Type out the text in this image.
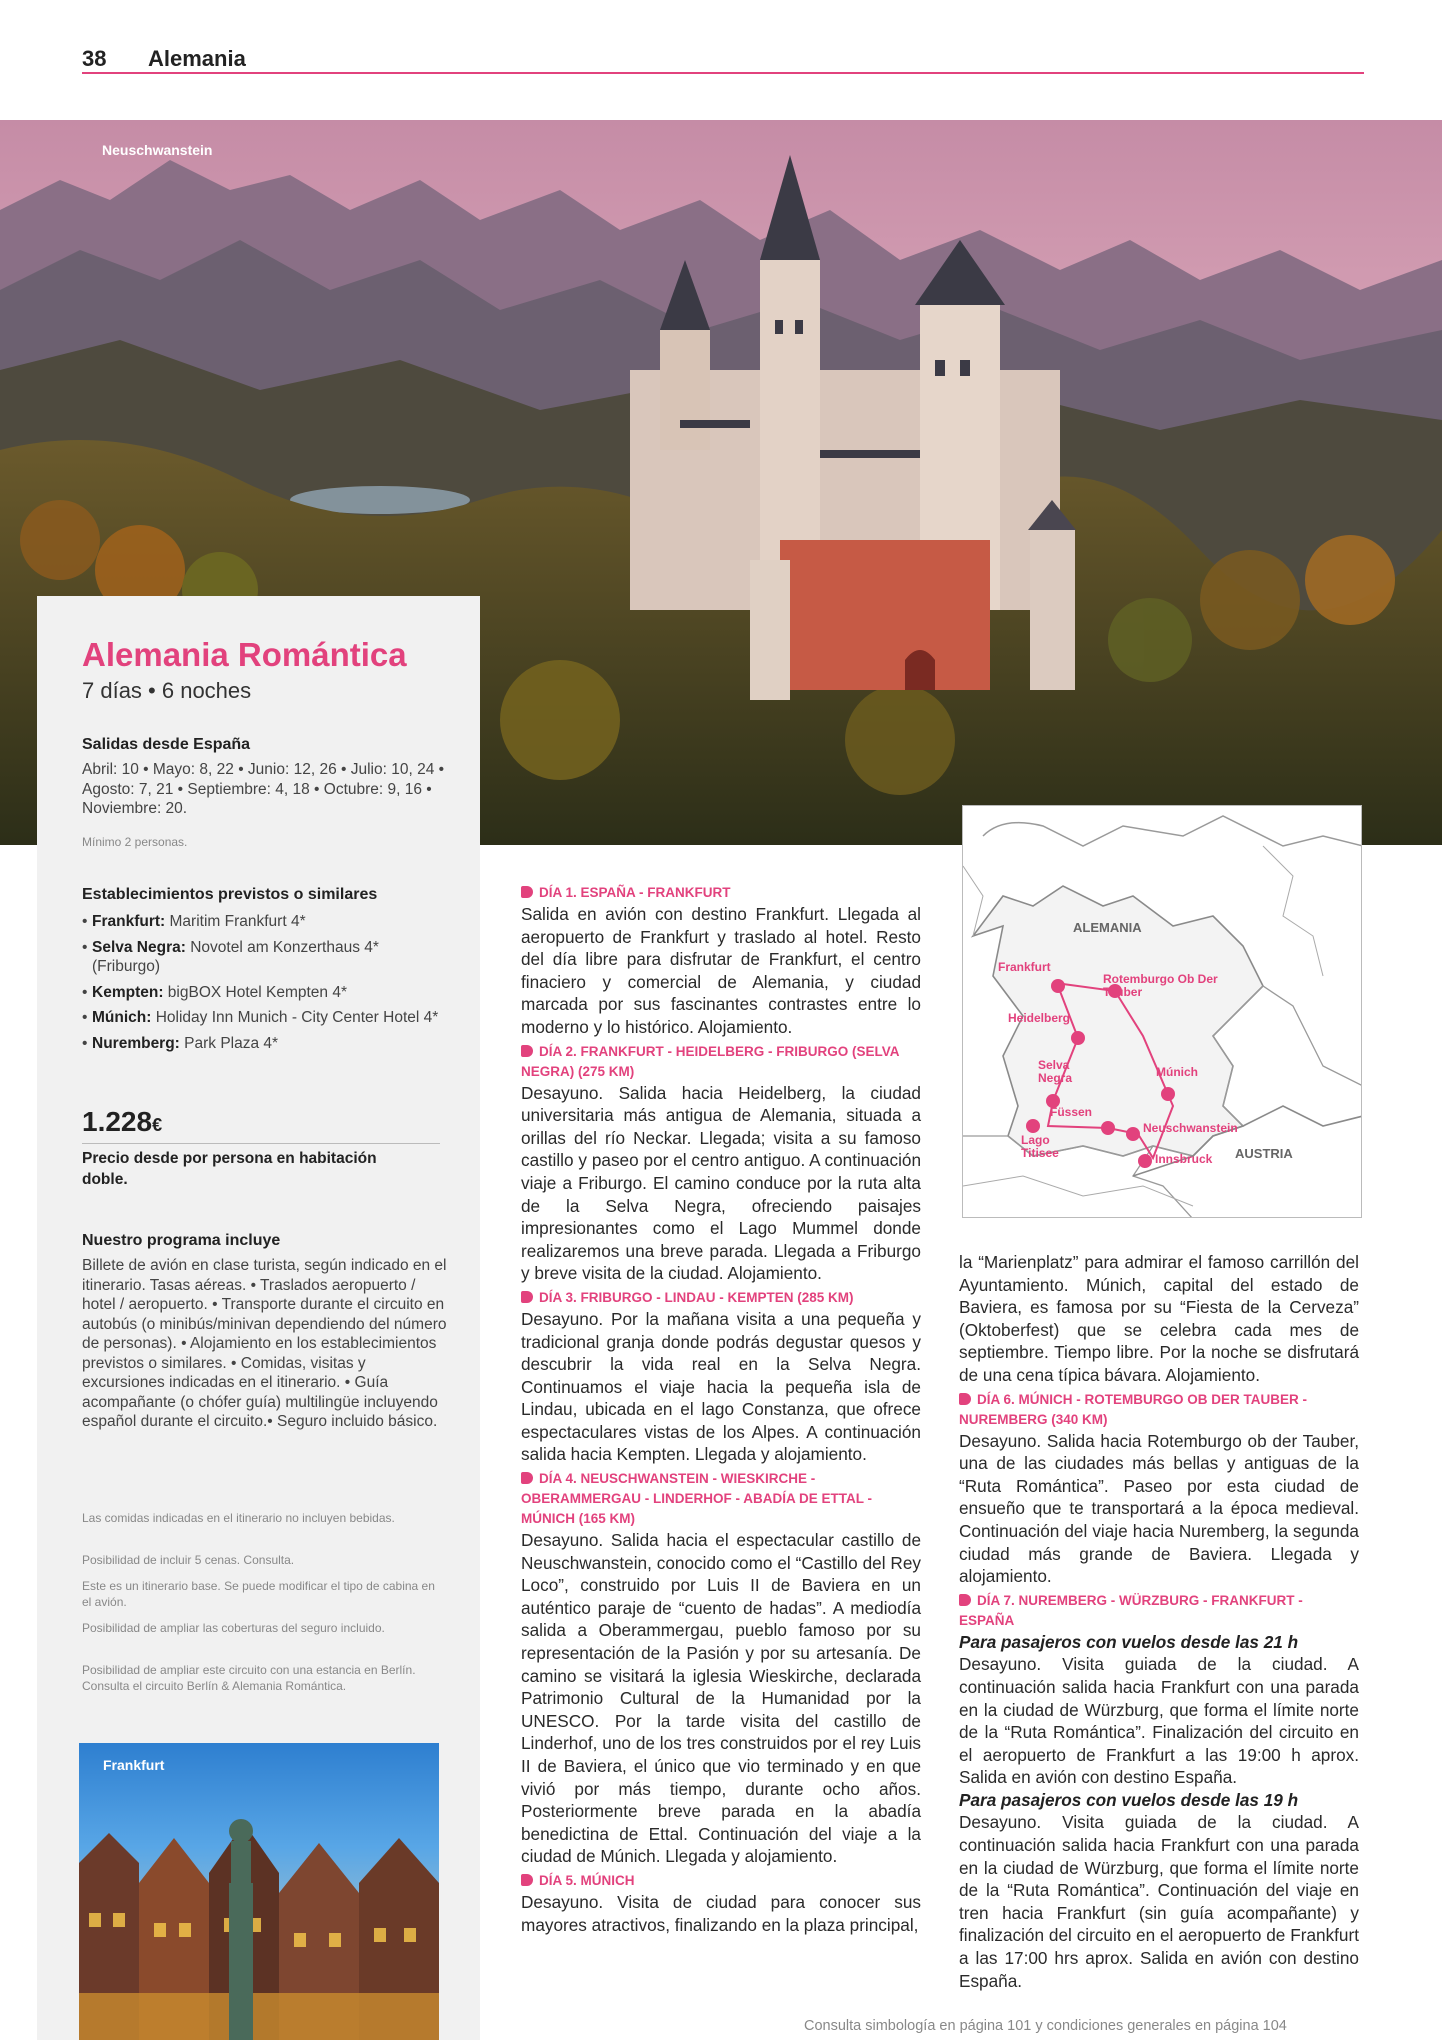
38 Alemania
Neuschwanstein
Alemania Romántica
7 días • 6 noches
Salidas desde España
Abril: 10 • Mayo: 8, 22 • Junio: 12, 26 • Julio: 10, 24 • Agosto: 7, 21 • Septiembre: 4, 18 • Octubre: 9, 16 • Noviembre: 20.
Mínimo 2 personas.
Establecimientos previstos o similares
• Frankfurt: Maritim Frankfurt 4*
• Selva Negra: Novotel am Konzerthaus 4* (Friburgo)
• Kempten: bigBOX Hotel Kempten 4*
• Múnich: Holiday Inn Munich - City Center Hotel 4*
• Nuremberg: Park Plaza 4*
1.228€
Precio desde por persona en habitación doble.
Nuestro programa incluye
Billete de avión en clase turista, según indicado en el itinerario. Tasas aéreas. • Traslados aeropuerto / hotel / aeropuerto. • Transporte durante el circuito en autobús (o minibús/minivan dependiendo del número de personas). • Alojamiento en los establecimientos previstos o similares. • Comidas, visitas y excursiones indicadas en el itinerario. • Guía acompañante (o chófer guía) multilingüe incluyendo español durante el circuito.• Seguro incluido básico.
Las comidas indicadas en el itinerario no incluyen bebidas.
Posibilidad de incluir 5 cenas. Consulta.
Este es un itinerario base. Se puede modificar el tipo de cabina en el avión.
Posibilidad de ampliar las coberturas del seguro incluido.
Posibilidad de ampliar este circuito con una estancia en Berlín. Consulta el circuito Berlín & Alemania Romántica.
Frankfurt
DÍA 1. ESPAÑA - FRANKFURT
Salida en avión con destino Frankfurt. Llegada al aeropuerto de Frankfurt y traslado al hotel. Resto del día libre para disfrutar de Frankfurt, el centro finaciero y comercial de Alemania, y ciudad marcada por sus fascinantes contrastes entre lo moderno y lo histórico. Alojamiento.
DÍA 2. FRANKFURT - HEIDELBERG - FRIBURGO (SELVA NEGRA) (275 KM)
Desayuno. Salida hacia Heidelberg, la ciudad universitaria más antigua de Alemania, situada a orillas del río Neckar. Llegada; visita a su famoso castillo y paseo por el centro antiguo. A continuación viaje a Friburgo. El camino conduce por la ruta alta de la Selva Negra, ofreciendo paisajes impresionantes como el Lago Mummel donde realizaremos una breve parada. Llegada a Friburgo y breve visita de la ciudad. Alojamiento.
DÍA 3. FRIBURGO - LINDAU - KEMPTEN (285 KM)
Desayuno. Por la mañana visita a una pequeña y tradicional granja donde podrás degustar quesos y descubrir la vida real en la Selva Negra. Continuamos el viaje hacia la pequeña isla de Lindau, ubicada en el lago Constanza, que ofrece espectaculares vistas de los Alpes. A continuación salida hacia Kempten. Llegada y alojamiento.
DÍA 4. NEUSCHWANSTEIN - WIESKIRCHE - OBERAMMERGAU - LINDERHOF - ABADÍA DE ETTAL - MÚNICH (165 KM)
Desayuno. Salida hacia el espectacular castillo de Neuschwanstein, conocido como el “Castillo del Rey Loco”, construido por Luis II de Baviera en un auténtico paraje de “cuento de hadas”. A mediodía salida a Oberammergau, pueblo famoso por su representación de la Pasión y por su artesanía. De camino se visitará la iglesia Wieskirche, declarada Patrimonio Cultural de la Humanidad por la UNESCO. Por la tarde visita del castillo de Linderhof, uno de los tres construidos por el rey Luis II de Baviera, el único que vio terminado y en que vivió por más tiempo, durante ocho años. Posteriormente breve parada en la abadía benedictina de Ettal. Continuación del viaje a la ciudad de Múnich. Llegada y alojamiento.
DÍA 5. MÚNICH
Desayuno. Visita de ciudad para conocer sus mayores atractivos, finalizando en la plaza principal,
ALEMANIA
AUSTRIA
Frankfurt
Rotemburgo Ob Der Tauber
Heidelberg
Selva Negra	Múnich
Füssen
Neuschwanstein
Lago Titisee	Innsbruck
la “Marienplatz” para admirar el famoso carrillón del Ayuntamiento. Múnich, capital del estado de Baviera, es famosa por su “Fiesta de la Cerveza” (Oktoberfest) que se celebra cada mes de septiembre. Tiempo libre. Por la noche se disfrutará de una cena típica bávara. Alojamiento.
DÍA 6. MÚNICH - ROTEMBURGO OB DER TAUBER - NUREMBERG (340 KM)
Desayuno. Salida hacia Rotemburgo ob der Tauber, una de las ciudades más bellas y antiguas de la “Ruta Romántica”. Paseo por esta ciudad de ensueño que te transportará a la época medieval. Continuación del viaje hacia Nuremberg, la segunda ciudad más grande de Baviera. Llegada y alojamiento.
DÍA 7. NUREMBERG - WÜRZBURG - FRANKFURT - ESPAÑA
Para pasajeros con vuelos desde las 21 h
Desayuno. Visita guiada de la ciudad. A continuación salida hacia Frankfurt con una parada en la ciudad de Würzburg, que forma el límite norte de la “Ruta Romántica”. Finalización del circuito en el aeropuerto de Frankfurt a las 19:00 h aprox. Salida en avión con destino España.
Para pasajeros con vuelos desde las 19 h
Desayuno. Visita guiada de la ciudad. A continuación salida hacia Frankfurt con una parada en la ciudad de Würzburg, que forma el límite norte de la “Ruta Romántica”. Continuación del viaje en tren hacia Frankfurt (sin guía acompañante) y finalización del circuito en el aeropuerto de Frankfurt a las 17:00 hrs aprox. Salida en avión con destino España.
Consulta simbología en página 101 y condiciones generales en página 104
